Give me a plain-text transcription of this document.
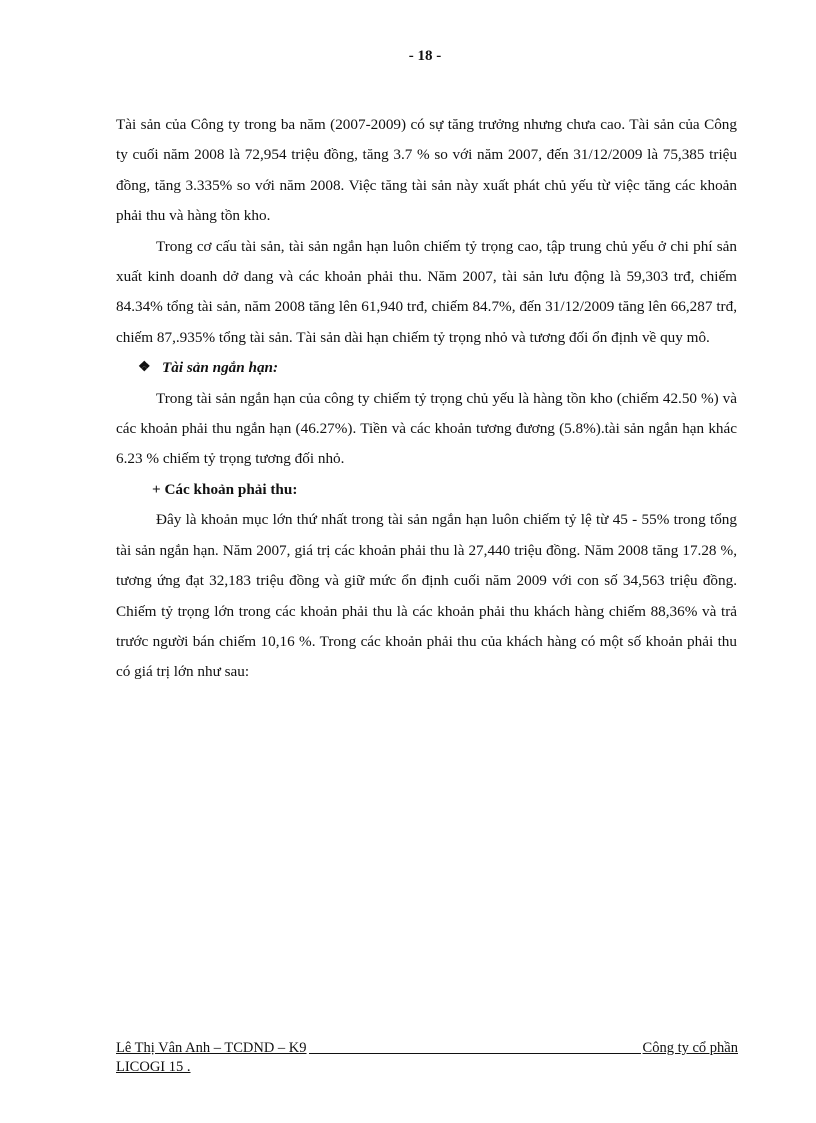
- 18 -

Tài sản của Công ty trong ba năm (2007-2009) có sự tăng trưởng nhưng chưa cao. Tài sản của Công ty cuối năm 2008 là 72,954 triệu đồng, tăng 3.7 % so với năm 2007, đến 31/12/2009 là 75,385 triệu đồng, tăng 3.335% so với năm 2008. Việc tăng tài sản này xuất phát chủ yếu từ việc tăng các khoản phải thu và hàng tồn kho.

Trong cơ cấu tài sản, tài sản ngắn hạn luôn chiếm tỷ trọng cao, tập trung chủ yếu ở chi phí sản xuất kinh doanh dở dang và các khoản phải thu. Năm 2007, tài sản lưu động là 59,303 trđ, chiếm 84.34% tổng tài sản, năm 2008 tăng lên 61,940 trđ, chiếm 84.7%, đến 31/12/2009 tăng lên 66,287 trđ, chiếm 87,.935% tổng tài sản. Tài sản dài hạn chiếm tỷ trọng nhỏ và tương đối ổn định về quy mô.

❖ Tài sản ngắn hạn:

Trong tài sản ngắn hạn của công ty chiếm tỷ trọng chủ yếu là hàng tồn kho (chiếm 42.50 %) và các khoản phải thu ngắn hạn (46.27%). Tiền và các khoản tương đương (5.8%).tài sản ngắn hạn khác 6.23 % chiếm tỷ trọng tương đối nhỏ.

+ Các khoản phải thu:

Đây là khoản mục lớn thứ nhất trong tài sản ngắn hạn luôn chiếm tỷ lệ từ 45 - 55% trong tổng tài sản ngắn hạn. Năm 2007, giá trị các khoản phải thu là 27,440 triệu đồng. Năm 2008 tăng 17.28 %, tương ứng đạt 32,183 triệu đồng và giữ mức ổn định cuối năm 2009 với con số 34,563 triệu đồng. Chiếm tỷ trọng lớn trong các khoản phải thu là các khoản phải thu khách hàng chiếm 88,36% và trả trước người bán chiếm 10,16 %. Trong các khoản phải thu của khách hàng có một số khoản phải thu có giá trị lớn như sau:

Lê Thị Vân Anh – TCDND – K9	Công ty cổ phần
LICOGI 15 .
